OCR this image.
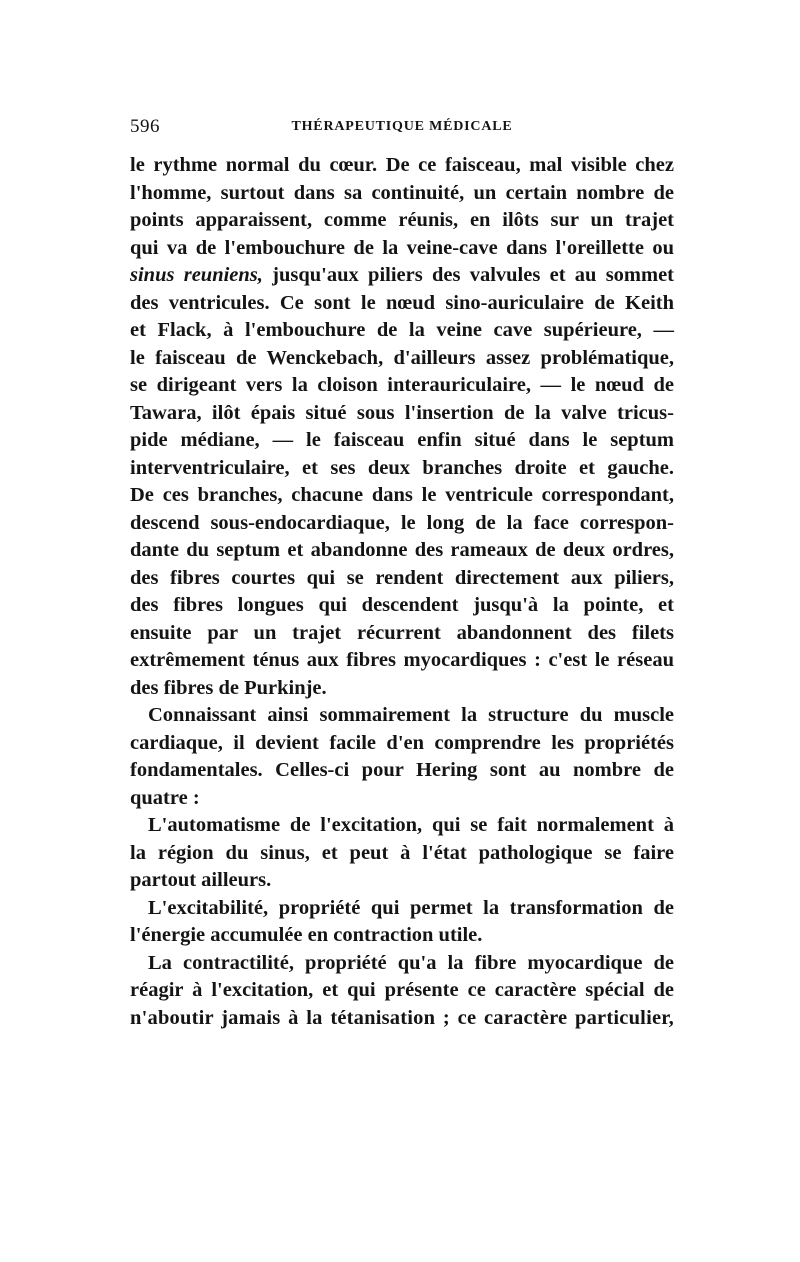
596	THÉRAPEUTIQUE MÉDICALE
le rythme normal du cœur. De ce faisceau, mal visible chez
l'homme, surtout dans sa continuité, un certain nombre de
points apparaissent, comme réunis, en ilôts sur un trajet
qui va de l'embouchure de la veine-cave dans l'oreillette ou
sinus reuniens, jusqu'aux piliers des valvules et au sommet
des ventricules. Ce sont le nœud sino-auriculaire de Keith
et Flack, à l'embouchure de la veine cave supérieure, —
le faisceau de Wenckebach, d'ailleurs assez problématique,
se dirigeant vers la cloison interauriculaire, — le nœud de
Tawara, ilôt épais situé sous l'insertion de la valve tricus-
pide médiane, — le faisceau enfin situé dans le septum
interventriculaire, et ses deux branches droite et gauche.
De ces branches, chacune dans le ventricule correspondant,
descend sous-endocardiaque, le long de la face correspon-
dante du septum et abandonne des rameaux de deux ordres,
des fibres courtes qui se rendent directement aux piliers,
des fibres longues qui descendent jusqu'à la pointe, et
ensuite par un trajet récurrent abandonnent des filets
extrêmement ténus aux fibres myocardiques : c'est le réseau
des fibres de Purkinje.
Connaissant ainsi sommairement la structure du muscle
cardiaque, il devient facile d'en comprendre les propriétés
fondamentales. Celles-ci pour Hering sont au nombre de
quatre :
L'automatisme de l'excitation, qui se fait normalement à
la région du sinus, et peut à l'état pathologique se faire
partout ailleurs.
L'excitabilité, propriété qui permet la transformation de
l'énergie accumulée en contraction utile.
La contractilité, propriété qu'a la fibre myocardique de
réagir à l'excitation, et qui présente ce caractère spécial de
n'aboutir jamais à la tétanisation ; ce caractère particulier,
